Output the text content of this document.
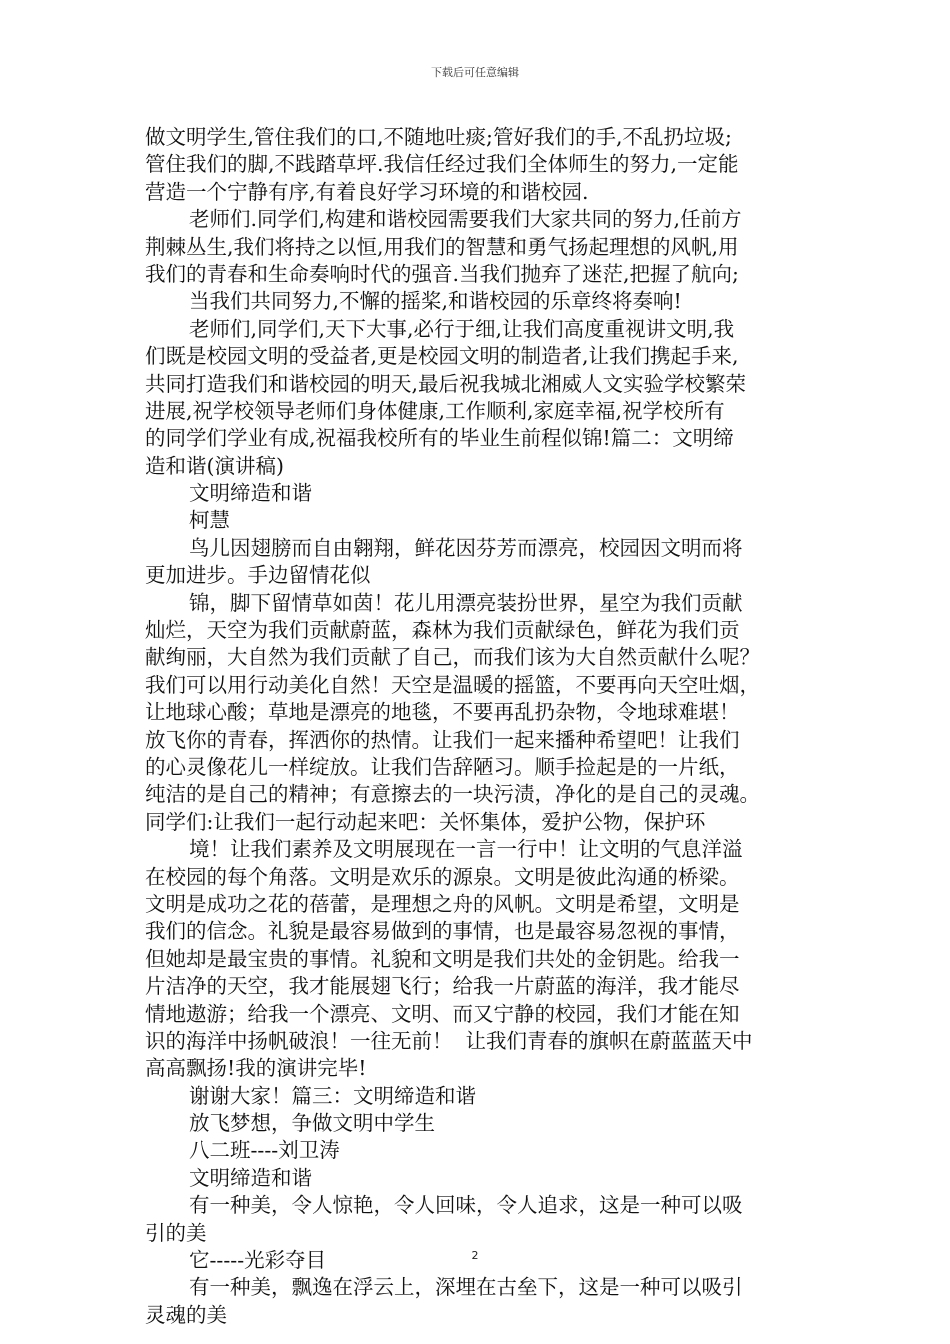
下载后可任意编辑
做文明学生,管住我们的口,不随地吐痰;管好我们的手,不乱扔垃圾;
管住我们的脚,不践踏草坪.我信任经过我们全体师生的努力,一定能
营造一个宁静有序,有着良好学习环境的和谐校园.
老师们.同学们,构建和谐校园需要我们大家共同的努力,任前方
荆棘丛生,我们将持之以恒,用我们的智慧和勇气扬起理想的风帆,用
我们的青春和生命奏响时代的强音.当我们抛弃了迷茫,把握了航向;
当我们共同努力,不懈的摇桨,和谐校园的乐章终将奏响!
老师们,同学们,天下大事,必行于细,让我们高度重视讲文明,我
们既是校园文明的受益者,更是校园文明的制造者,让我们携起手来,
共同打造我们和谐校园的明天,最后祝我城北湘威人文实验学校繁荣
进展,祝学校领导老师们身体健康,工作顺利,家庭幸福,祝学校所有
的同学们学业有成,祝福我校所有的毕业生前程似锦!篇二：文明缔
造和谐(演讲稿)
文明缔造和谐
柯慧
鸟儿因翅膀而自由翱翔，鲜花因芬芳而漂亮，校园因文明而将
更加进步。手边留情花似
锦，脚下留情草如茵！花儿用漂亮装扮世界，星空为我们贡献
灿烂，天空为我们贡献蔚蓝，森林为我们贡献绿色，鲜花为我们贡
献绚丽，大自然为我们贡献了自己，而我们该为大自然贡献什么呢？
我们可以用行动美化自然！天空是温暖的摇篮，不要再向天空吐烟，
让地球心酸；草地是漂亮的地毯，不要再乱扔杂物，令地球难堪！
放飞你的青春，挥洒你的热情。让我们一起来播种希望吧！让我们
的心灵像花儿一样绽放。让我们告辞陋习。顺手捡起是的一片纸，
纯洁的是自己的精神；有意擦去的一块污渍，净化的是自己的灵魂。
同学们:让我们一起行动起来吧：关怀集体，爱护公物，保护环
境！让我们素养及文明展现在一言一行中！让文明的气息洋溢
在校园的每个角落。文明是欢乐的源泉。文明是彼此沟通的桥梁。
文明是成功之花的蓓蕾，是理想之舟的风帆。文明是希望，文明是
我们的信念。礼貌是最容易做到的事情，也是最容易忽视的事情，
但她却是最宝贵的事情。礼貌和文明是我们共处的金钥匙。给我一
片洁净的天空，我才能展翅飞行；给我一片蔚蓝的海洋，我才能尽
情地遨游；给我一个漂亮、文明、而又宁静的校园，我们才能在知
识的海洋中扬帆破浪！一往无前！  让我们青春的旗帜在蔚蓝蓝天中
高高飘扬!我的演讲完毕!
谢谢大家！篇三：文明缔造和谐
放飞梦想，争做文明中学生
八二班----刘卫涛
文明缔造和谐
有一种美，令人惊艳，令人回味，令人追求，这是一种可以吸
引的美
它-----光彩夺目
有一种美，飘逸在浮云上，深埋在古垒下，这是一种可以吸引
灵魂的美
2
